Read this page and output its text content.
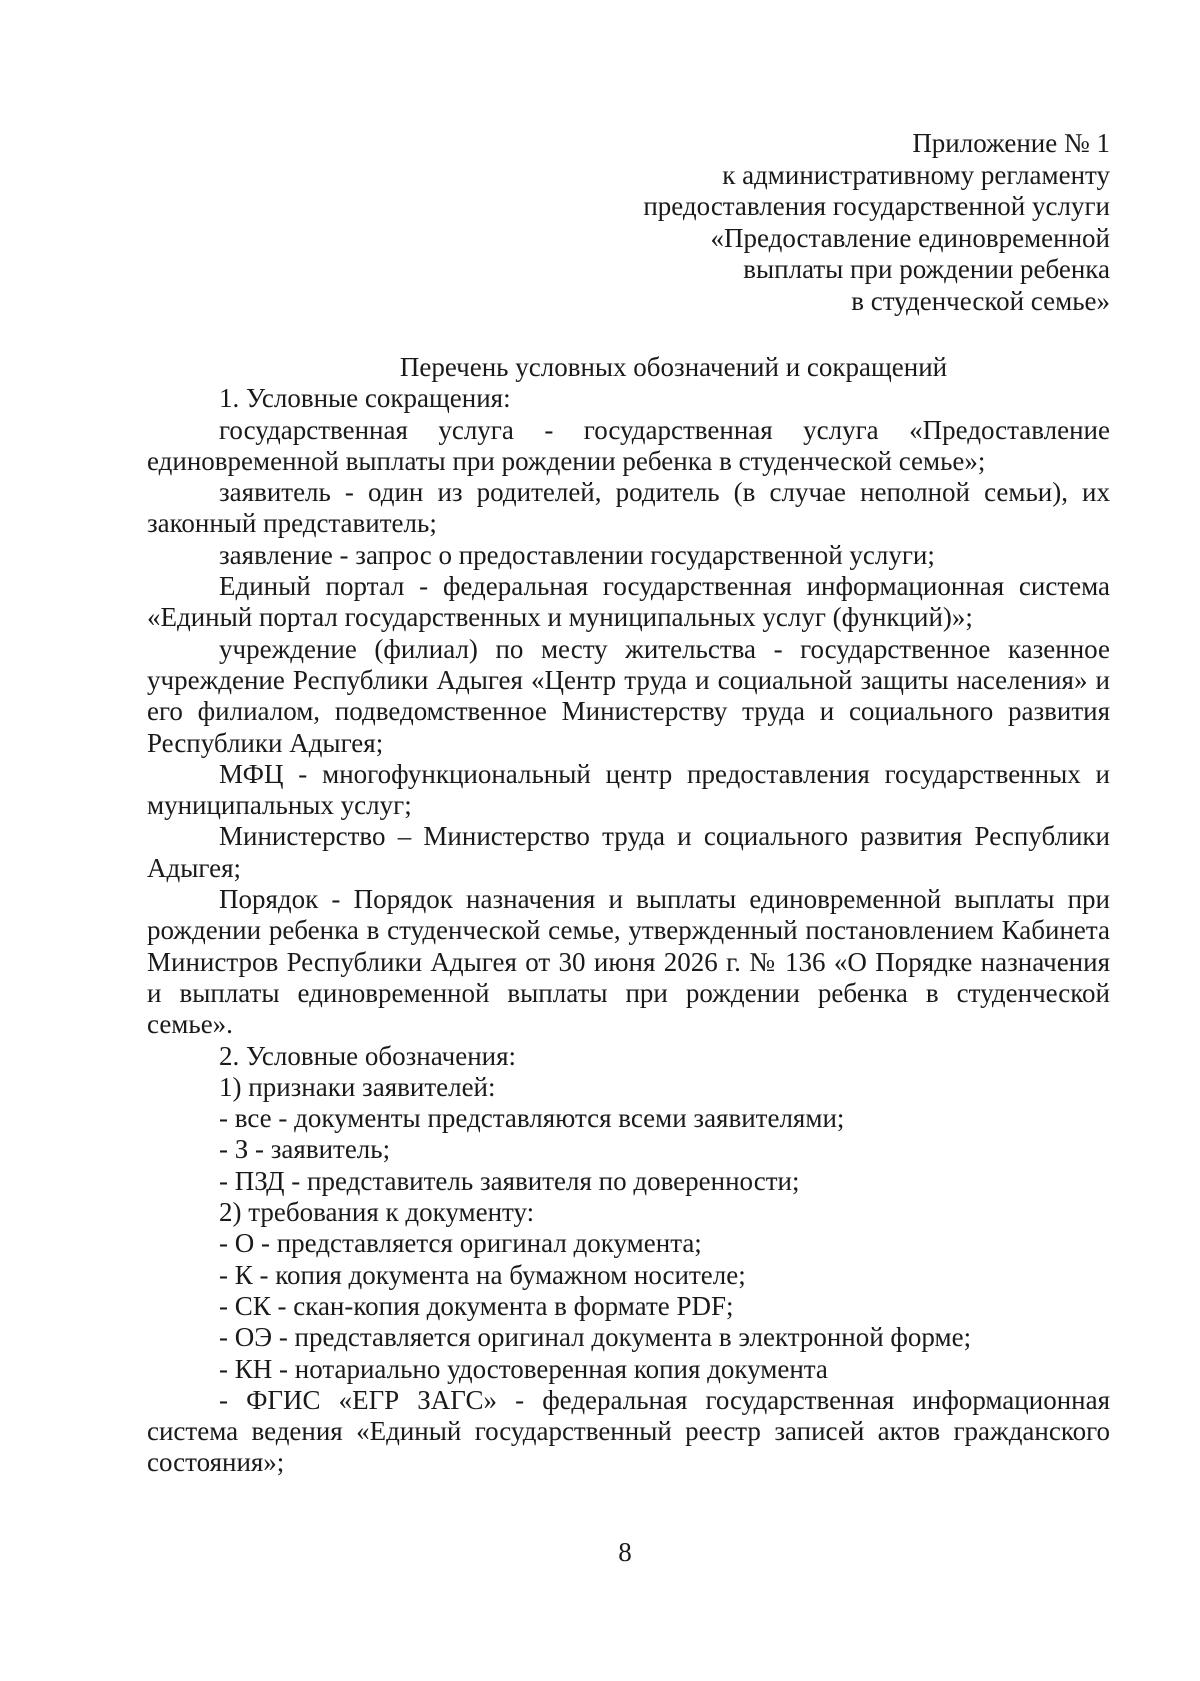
Приложение № 1
к административному регламенту
предоставления государственной услуги
«Предоставление единовременной
выплаты при рождении ребенка
в студенческой семье»
Перечень условных обозначений и сокращений

1. Условные сокращения:

государственная услуга - государственная услуга «Предоставление единовременной выплаты при рождении ребенка в студенческой семье»;

заявитель - один из родителей, родитель (в случае неполной семьи), их законный представитель;

заявление - запрос о предоставлении государственной услуги;

Единый портал - федеральная государственная информационная система «Единый портал государственных и муниципальных услуг (функций)»;

учреждение (филиал) по месту жительства - государственное казенное учреждение Республики Адыгея «Центр труда и социальной защиты населения» и его филиалом, подведомственное Министерству труда и социального развития Республики Адыгея;

МФЦ - многофункциональный центр предоставления государственных и муниципальных услуг;

Министерство – Министерство труда и социального развития Республики Адыгея;

Порядок - Порядок назначения и выплаты единовременной выплаты при рождении ребенка в студенческой семье, утвержденный постановлением Кабинета Министров Республики Адыгея от 30 июня 2026 г. № 136 «О Порядке назначения и выплаты единовременной выплаты при рождении ребенка в студенческой семье».

2. Условные обозначения:

1) признаки заявителей:

- все - документы представляются всеми заявителями;

- З - заявитель;

- ПЗД - представитель заявителя по доверенности;

2) требования к документу:

- О - представляется оригинал документа;

- К - копия документа на бумажном носителе;

- СК - скан-копия документа в формате PDF;

- ОЭ - представляется оригинал документа в электронной форме;

- КН - нотариально удостоверенная копия документа

- ФГИС «ЕГР ЗАГС» - федеральная государственная информационная система ведения «Единый государственный реестр записей актов гражданского состояния»;

8
